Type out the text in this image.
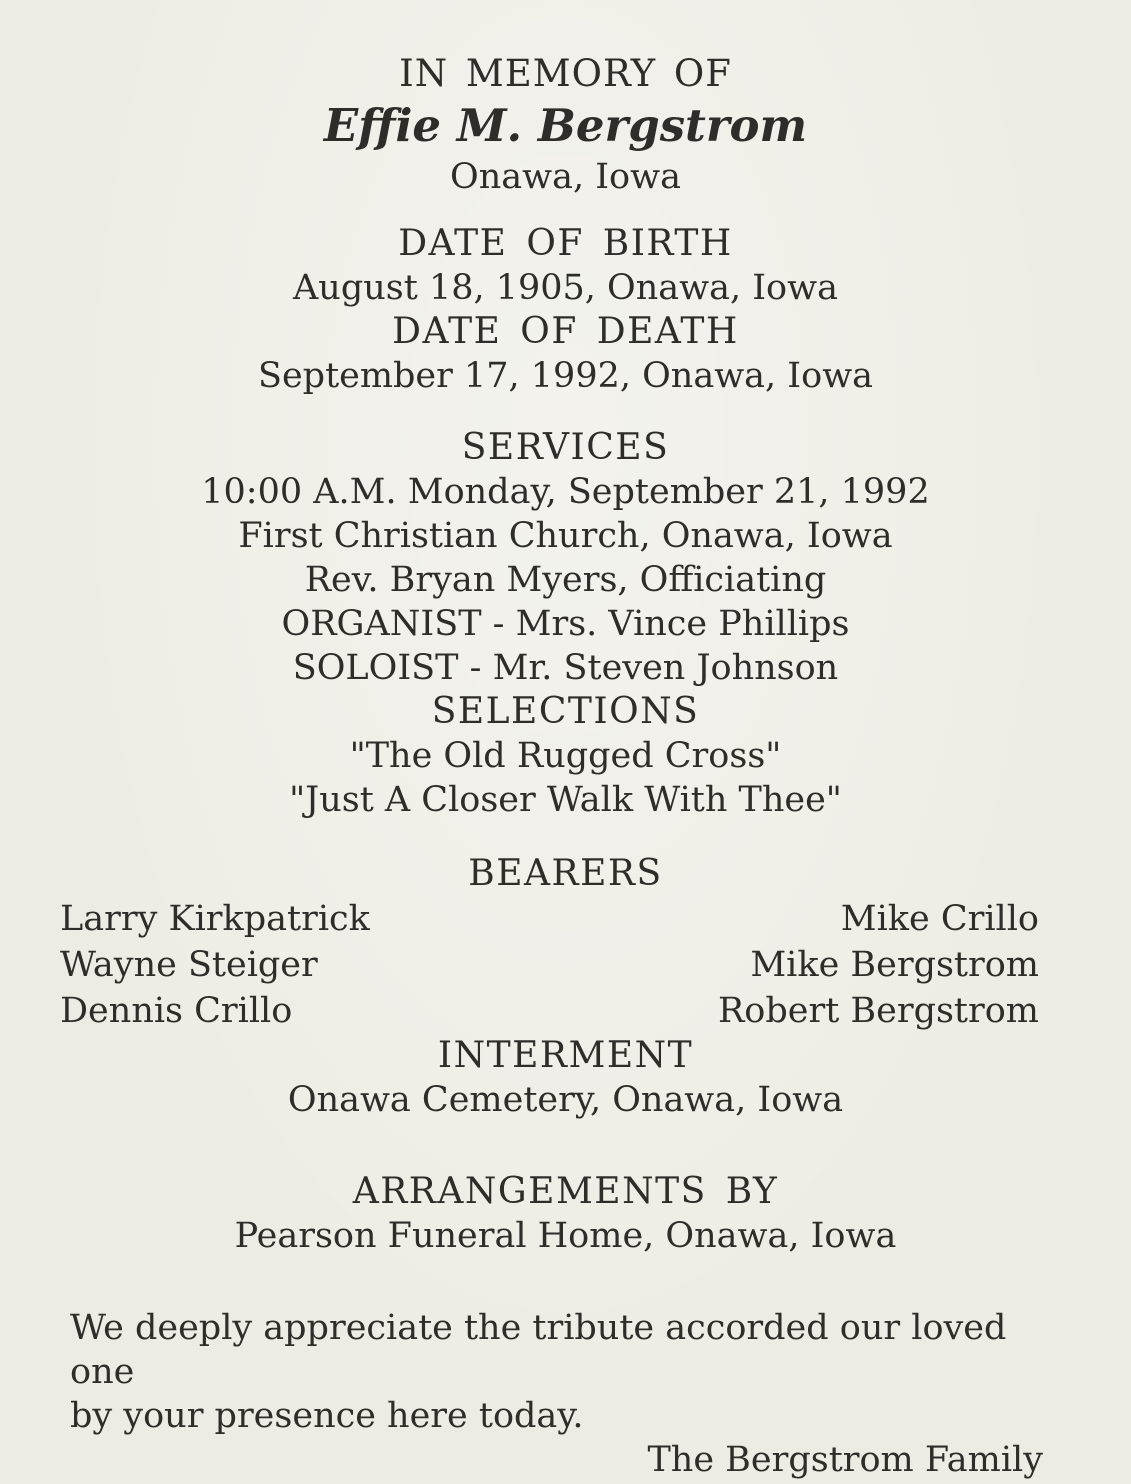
IN MEMORY OF
Effie M. Bergstrom
Onawa, Iowa
DATE OF BIRTH
August 18, 1905, Onawa, Iowa
DATE OF DEATH
September 17, 1992, Onawa, Iowa
SERVICES
10:00 A.M. Monday, September 21, 1992
First Christian Church, Onawa, Iowa
Rev. Bryan Myers, Officiating
ORGANIST - Mrs. Vince Phillips
SOLOIST - Mr. Steven Johnson
SELECTIONS
"The Old Rugged Cross"
"Just A Closer Walk With Thee"
BEARERS
Larry Kirkpatrick
Wayne Steiger
Dennis Crillo
Mike Crillo
Mike Bergstrom
Robert Bergstrom
INTERMENT
Onawa Cemetery, Onawa, Iowa
ARRANGEMENTS BY
Pearson Funeral Home, Onawa, Iowa
We deeply appreciate the tribute accorded our loved one
by your presence here today.
The Bergstrom Family
